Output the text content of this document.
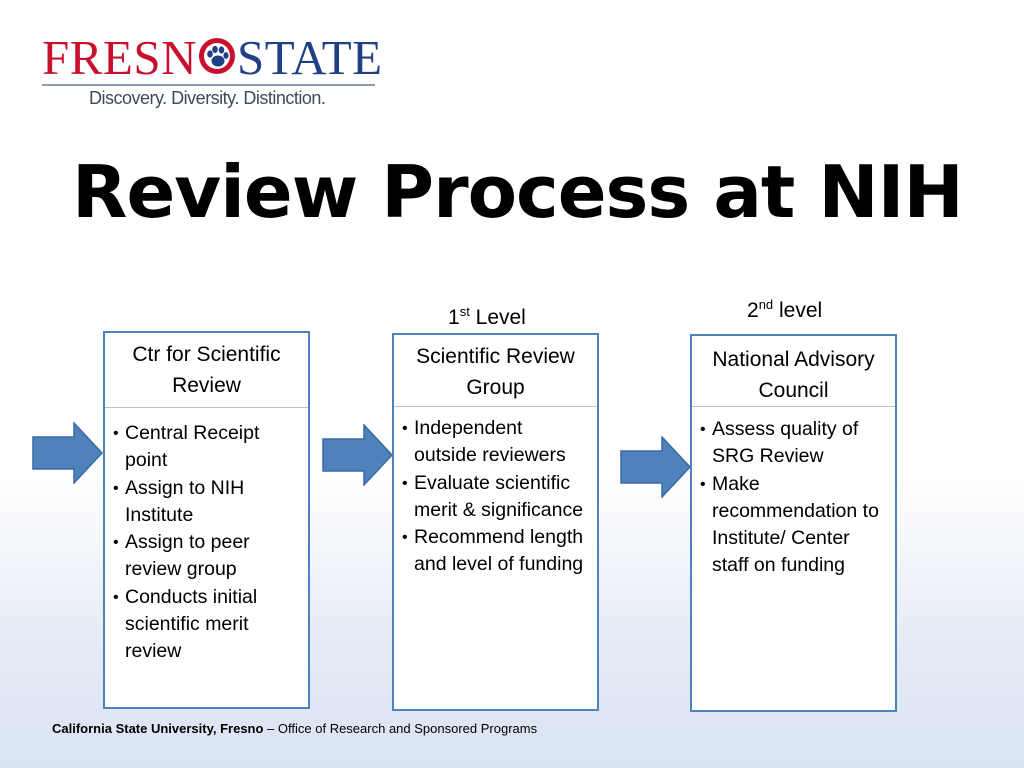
FRESN STATE
Discovery. Diversity. Distinction.
Review Process at NIH
1st Level	2nd level
Ctr for Scientific Review
• Central Receipt point
• Assign to NIH Institute
• Assign to peer review group
• Conducts initial scientific merit review
Scientific Review Group
• Independent outside reviewers
• Evaluate scientific merit & significance
• Recommend length and level of funding
National Advisory Council
• Assess quality of SRG Review
• Make recommendation to Institute/ Center staff on funding
California State University, Fresno – Office of Research and Sponsored Programs
